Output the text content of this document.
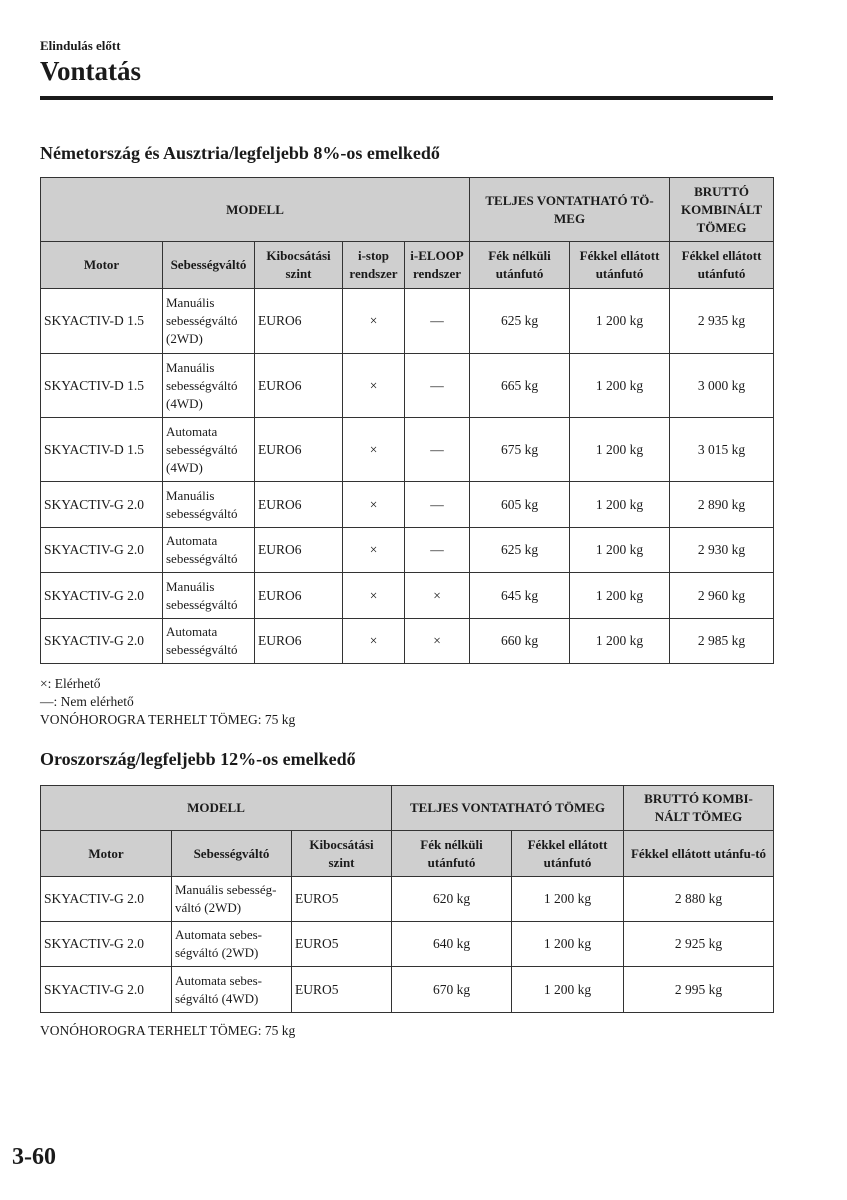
Elindulás előtt
Vontatás
Németország és Ausztria/legfeljebb 8%-os emelkedő
MODELL					TELJES VONTATHATÓ TÖ-MEG		BRUTTÓ KOMBINÁLT TÖMEG
Motor	Sebességváltó	Kibocsátási szint	i-stop rendszer	i-ELOOP rendszer	Fék nélküli utánfutó	Fékkel ellátott utánfutó	Fékkel ellátott utánfutó
SKYACTIV-D 1.5	Manuális sebességváltó (2WD)	EURO6	×	—	625 kg	1 200 kg	2 935 kg
SKYACTIV-D 1.5	Manuális sebességváltó (4WD)	EURO6	×	—	665 kg	1 200 kg	3 000 kg
SKYACTIV-D 1.5	Automata sebességváltó (4WD)	EURO6	×	—	675 kg	1 200 kg	3 015 kg
SKYACTIV-G 2.0	Manuális sebességváltó	EURO6	×	—	605 kg	1 200 kg	2 890 kg
SKYACTIV-G 2.0	Automata sebességváltó	EURO6	×	—	625 kg	1 200 kg	2 930 kg
SKYACTIV-G 2.0	Manuális sebességváltó	EURO6	×	×	645 kg	1 200 kg	2 960 kg
SKYACTIV-G 2.0	Automata sebességváltó	EURO6	×	×	660 kg	1 200 kg	2 985 kg
×: Elérhető
—: Nem elérhető
VONÓHOROGRA TERHELT TÖMEG: 75 kg
Oroszország/legfeljebb 12%-os emelkedő
MODELL			TELJES VONTATHATÓ TÖMEG		BRUTTÓ KOMBI-NÁLT TÖMEG
Motor	Sebességváltó	Kibocsátási szint	Fék nélküli utánfutó	Fékkel ellátott utánfutó	Fékkel ellátott utánfu-tó
SKYACTIV-G 2.0	Manuális sebesség-váltó (2WD)	EURO5	620 kg	1 200 kg	2 880 kg
SKYACTIV-G 2.0	Automata sebes-ségváltó (2WD)	EURO5	640 kg	1 200 kg	2 925 kg
SKYACTIV-G 2.0	Automata sebes-ségváltó (4WD)	EURO5	670 kg	1 200 kg	2 995 kg
VONÓHOROGRA TERHELT TÖMEG: 75 kg
3-60
